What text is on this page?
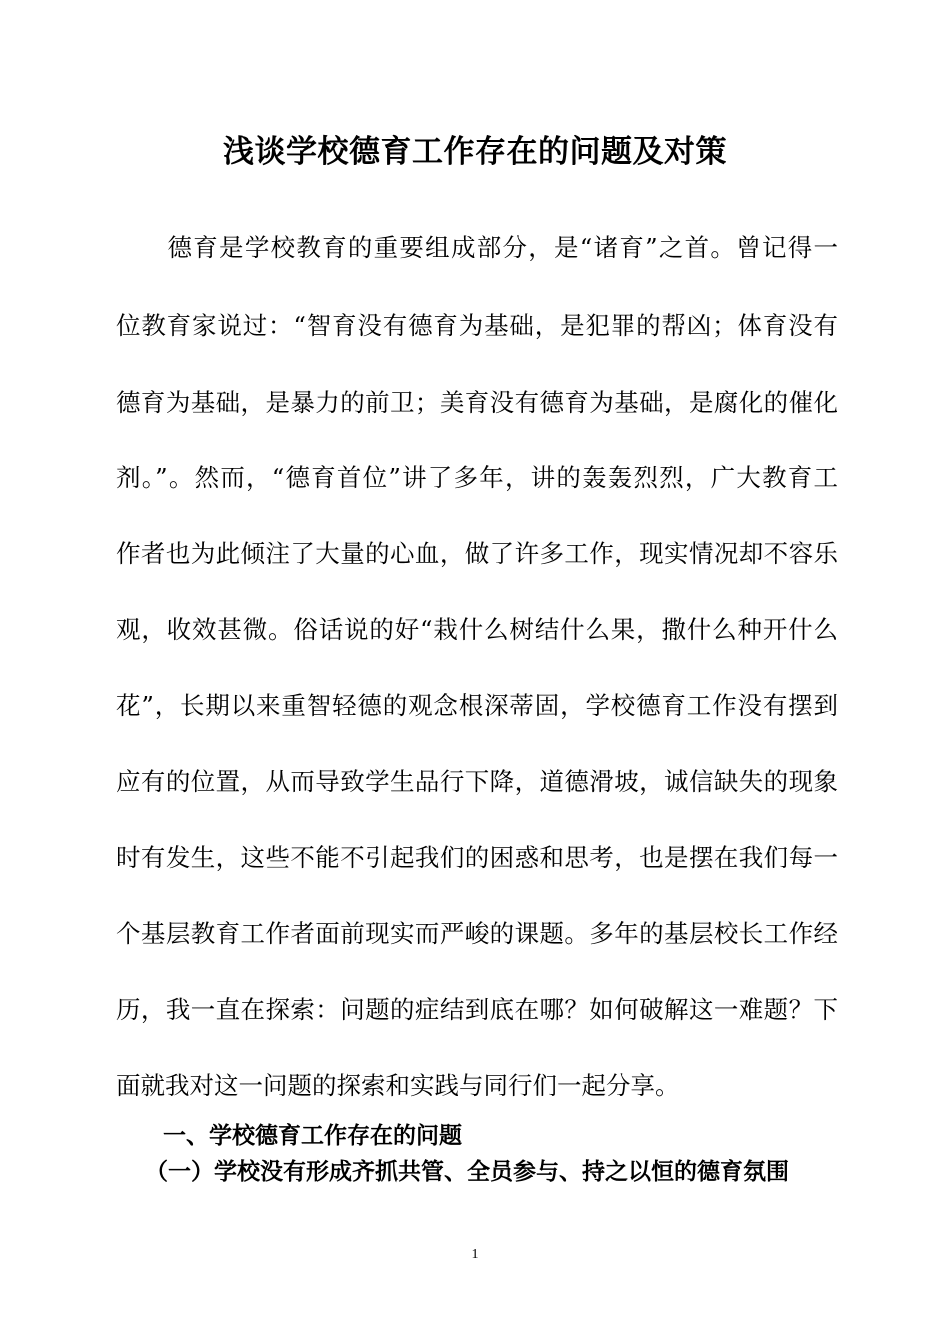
浅谈学校德育工作存在的问题及对策
　　德育是学校教育的重要组成部分，是“诸育”之首。曾记得一
位教育家说过：“智育没有德育为基础，是犯罪的帮凶；体育没有
德育为基础，是暴力的前卫；美育没有德育为基础，是腐化的催化
剂。”。然而，“德育首位”讲了多年，讲的轰轰烈烈，广大教育工
作者也为此倾注了大量的心血，做了许多工作，现实情况却不容乐
观，收效甚微。俗话说的好“栽什么树结什么果，撒什么种开什么
花”，长期以来重智轻德的观念根深蒂固，学校德育工作没有摆到
应有的位置，从而导致学生品行下降，道德滑坡，诚信缺失的现象
时有发生，这些不能不引起我们的困惑和思考，也是摆在我们每一
个基层教育工作者面前现实而严峻的课题。多年的基层校长工作经
历，我一直在探索：问题的症结到底在哪？如何破解这一难题？下
面就我对这一问题的探索和实践与同行们一起分享。
一、学校德育工作存在的问题
（一）学校没有形成齐抓共管、全员参与、持之以恒的德育氛围
1
